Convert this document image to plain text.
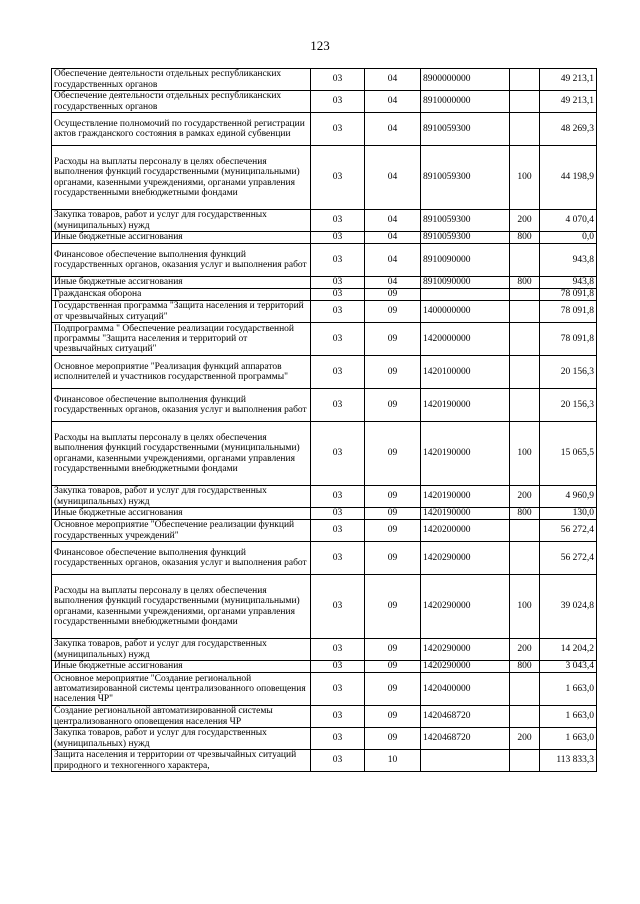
123
Обеспечение деятельности отдельных республиканских государственных органов	03	04	8900000000		49 213,1
Обеспечение деятельности отдельных республиканских государственных органов	03	04	8910000000		49 213,1
Осуществление полномочий по государственной регистрации актов гражданского состояния в рамках единой субвенции	03	04	8910059300		48 269,3
Расходы на выплаты персоналу в целях обеспечения выполнения функций государственными (муниципальными) органами, казенными учреждениями, органами управления государственными внебюджетными фондами	03	04	8910059300	100	44 198,9
Закупка товаров, работ и услуг для государственных (муниципальных) нужд	03	04	8910059300	200	4 070,4
Иные бюджетные ассигнования	03	04	8910059300	800	0,0
Финансовое обеспечение выполнения функций государственных органов, оказания услуг и выполнения работ	03	04	8910090000		943,8
Иные бюджетные ассигнования	03	04	8910090000	800	943,8
Гражданская оборона	03	09			78 091,8
Государственная программа "Защита населения и территорий от чрезвычайных ситуаций"	03	09	1400000000		78 091,8
Подпрограмма " Обеспечение реализации государственной программы "Защита населения и территорий от чрезвычайных ситуаций"	03	09	1420000000		78 091,8
Основное мероприятие "Реализация функций аппаратов исполнителей и участников государственной программы"	03	09	1420100000		20 156,3
Финансовое обеспечение выполнения функций государственных органов, оказания услуг и выполнения работ	03	09	1420190000		20 156,3
Расходы на выплаты персоналу в целях обеспечения выполнения функций государственными (муниципальными) органами, казенными учреждениями, органами управления государственными внебюджетными фондами	03	09	1420190000	100	15 065,5
Закупка товаров, работ и услуг для государственных (муниципальных) нужд	03	09	1420190000	200	4 960,9
Иные бюджетные ассигнования	03	09	1420190000	800	130,0
Основное мероприятие "Обеспечение реализации функций государственных учреждений"	03	09	1420200000		56 272,4
Финансовое обеспечение выполнения функций государственных органов, оказания услуг и выполнения работ	03	09	1420290000		56 272,4
Расходы на выплаты персоналу в целях обеспечения выполнения функций государственными (муниципальными) органами, казенными учреждениями, органами управления государственными внебюджетными фондами	03	09	1420290000	100	39 024,8
Закупка товаров, работ и услуг для государственных (муниципальных) нужд	03	09	1420290000	200	14 204,2
Иные бюджетные ассигнования	03	09	1420290000	800	3 043,4
Основное мероприятие "Создание региональной автоматизированной системы централизованного оповещения населения ЧР"	03	09	1420400000		1 663,0
Создание региональной автоматизированной системы централизованного оповещения населения ЧР	03	09	1420468720		1 663,0
Закупка товаров, работ и услуг для государственных (муниципальных) нужд	03	09	1420468720	200	1 663,0
Защита населения и территории от чрезвычайных ситуаций природного и техногенного характера,	03	10			113 833,3
